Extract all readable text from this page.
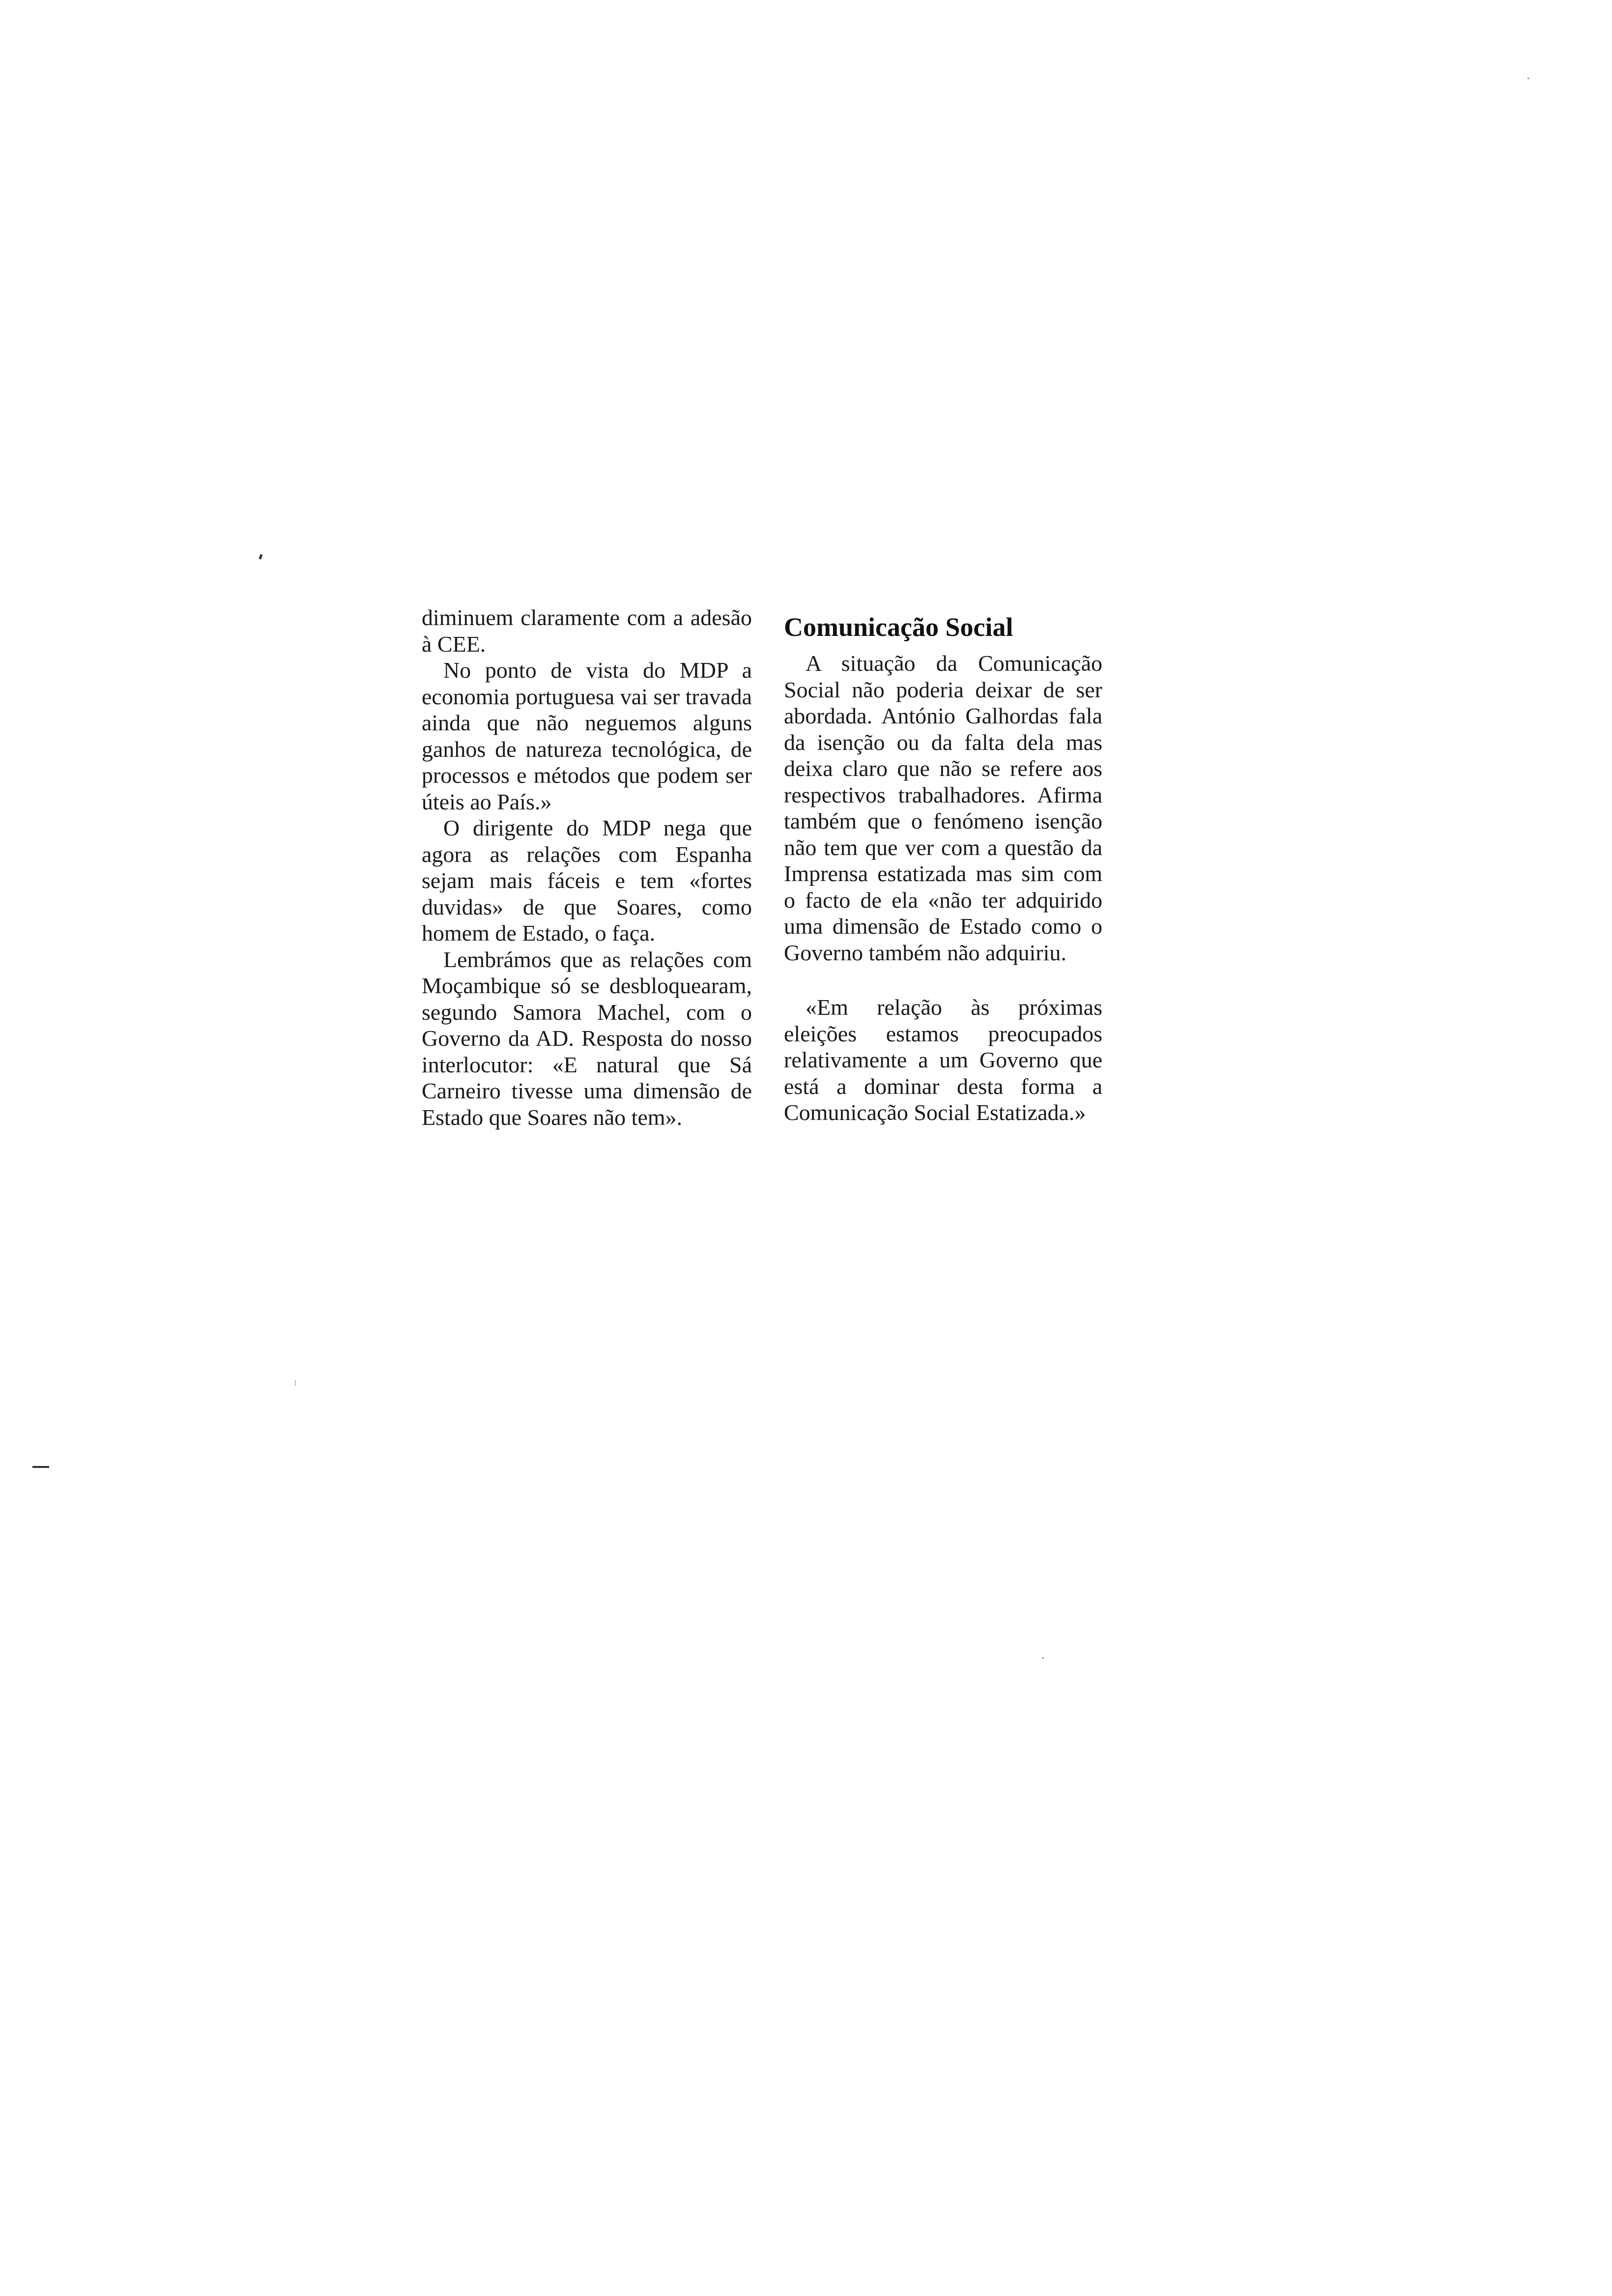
diminuem claramente com a adesão à CEE.

No ponto de vista do MDP a economia portuguesa vai ser travada ainda que não neguemos alguns ganhos de natureza tecnológica, de processos e métodos que podem ser úteis ao País.»

O dirigente do MDP nega que agora as relações com Espanha sejam mais fáceis e tem «fortes duvidas» de que Soares, como homem de Estado, o faça.

Lembrámos que as relações com Moçambique só se desbloquearam, segundo Samora Machel, com o Governo da AD. Resposta do nosso interlocutor: «E natural que Sá Carneiro tivesse uma dimensão de Estado que Soares não tem».

Comunicação Social

A situação da Comunicação Social não poderia deixar de ser abordada. António Galhordas fala da isenção ou da falta dela mas deixa claro que não se refere aos respectivos trabalhadores. Afirma também que o fenómeno isenção não tem que ver com a questão da Imprensa estatizada mas sim com o facto de ela «não ter adquirido uma dimensão de Estado como o Governo também não adquiriu.

«Em relação às próximas eleições estamos preocupados relativamente a um Governo que está a dominar desta forma a Comunicação Social Estatizada.»
